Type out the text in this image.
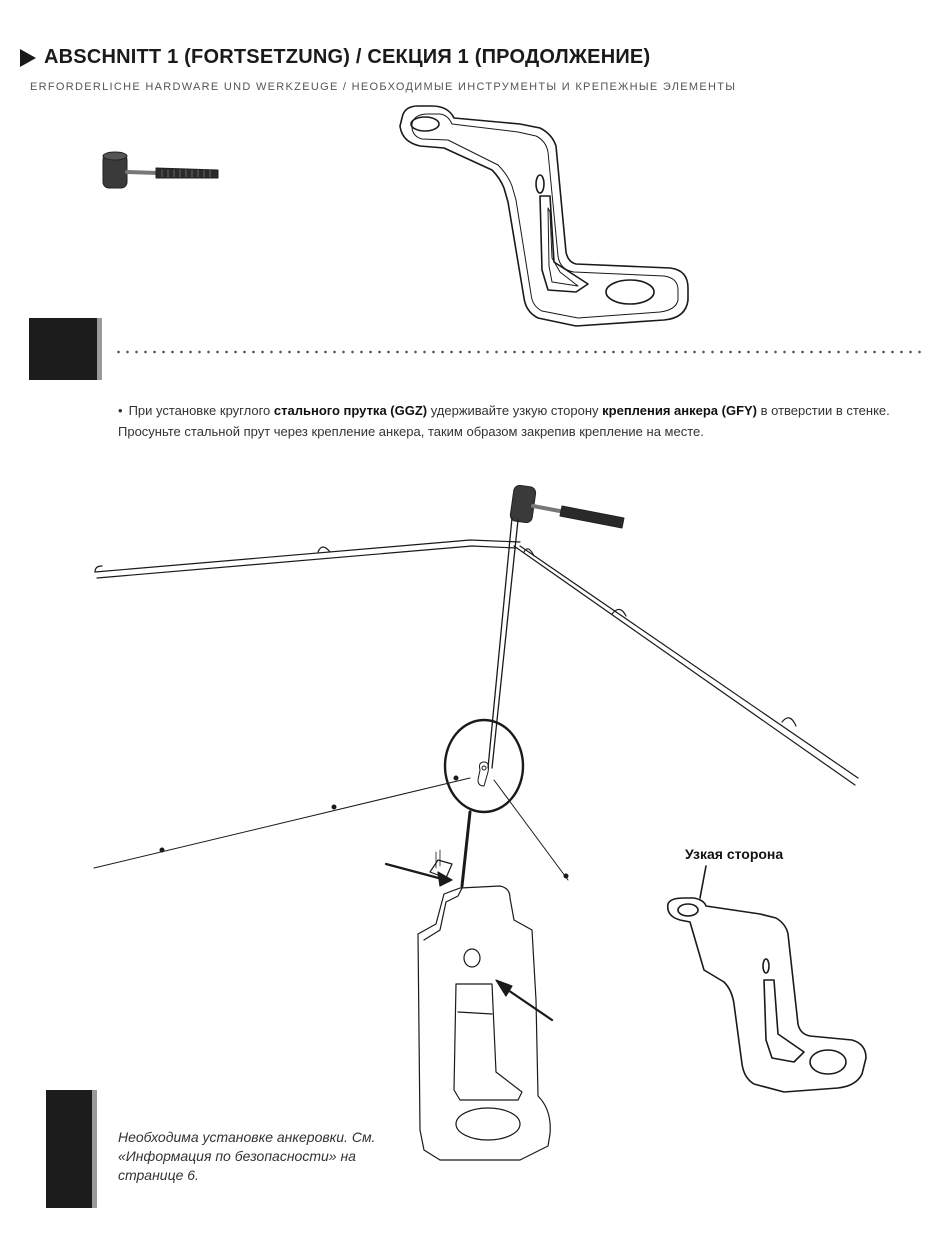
ABSCHNITT 1 (FORTSETZUNG) / СЕКЦИЯ 1 (ПРОДОЛЖЕНИЕ)
ERFORDERLICHE HARDWARE UND WERKZEUGE / НЕОБХОДИМЫЕ ИНСТРУМЕНТЫ И КРЕПЕЖНЫЕ ЭЛЕМЕНТЫ
• При установке круглого стального прутка (GGZ) удерживайте узкую сторону крепления анкера (GFY) в отверстии в стенке. Просуньте стальной прут через крепление анкера, таким образом закрепив крепление на месте.
Узкая сторона
Необходима установке анкеровки. См. «Информация по безопасности» на странице 6.
